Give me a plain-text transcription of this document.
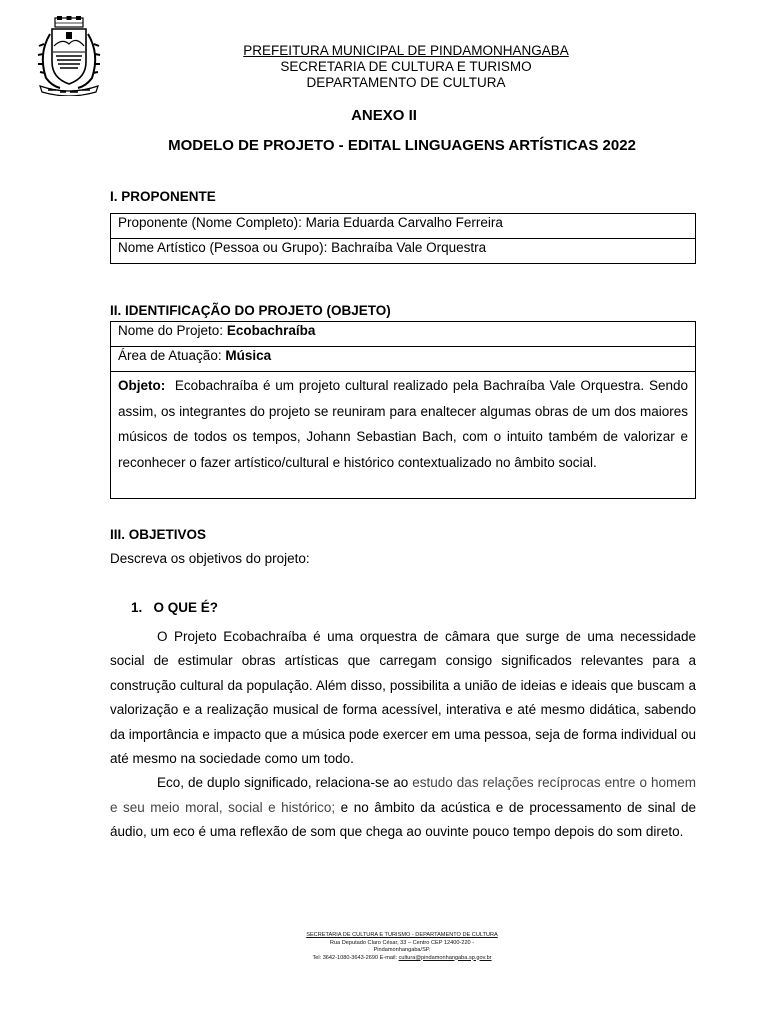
PREFEITURA MUNICIPAL DE PINDAMONHANGABA
SECRETARIA DE CULTURA E TURISMO
DEPARTAMENTO DE CULTURA
ANEXO II
MODELO DE PROJETO - EDITAL LINGUAGENS ARTÍSTICAS 2022
I. PROPONENTE
Proponente (Nome Completo): Maria Eduarda Carvalho Ferreira
Nome Artístico (Pessoa ou Grupo): Bachraíba Vale Orquestra
II. IDENTIFICAÇÃO DO PROJETO (OBJETO)
Nome do Projeto: Ecobachraíba
Área de Atuação: Música
Objeto: Ecobachraíba é um projeto cultural realizado pela Bachraíba Vale Orquestra. Sendo assim, os integrantes do projeto se reuniram para enaltecer algumas obras de um dos maiores músicos de todos os tempos, Johann Sebastian Bach, com o intuito também de valorizar e reconhecer o fazer artístico/cultural e histórico contextualizado no âmbito social.
III. OBJETIVOS
Descreva os objetivos do projeto:
1.   O QUE É?

O Projeto Ecobachraíba é uma orquestra de câmara que surge de uma necessidade social de estimular obras artísticas que carregam consigo significados relevantes para a construção cultural da população. Além disso, possibilita a união de ideias e ideais que buscam a valorização e a realização musical de forma acessível, interativa e até mesmo didática, sabendo da importância e impacto que a música pode exercer em uma pessoa, seja de forma individual ou até mesmo na sociedade como um todo.

Eco, de duplo significado, relaciona-se ao estudo das relações recíprocas entre o homem e seu meio moral, social e histórico; e no âmbito da acústica e de processamento de sinal de áudio, um eco é uma reflexão de som que chega ao ouvinte pouco tempo depois do som direto.

SECRETARIA DE CULTURA E TURISMO - DEPARTAMENTO DE CULTURA
Rua Deputado Claro César, 33 – Centro CEP 12400-220 -
Pindamonhangaba/SP.
Tel: 3642-1080-3643-2690 E-mail: cultura@pindamonhangaba.sp.gov.br
